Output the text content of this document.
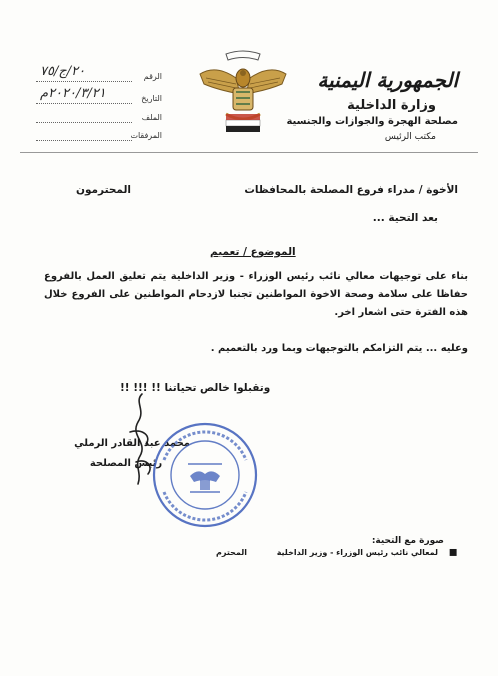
الجمهورية اليمنية
وزارة الداخلية
مصلحة الهجرة والجوازات والجنسية
مكتب الرئيس
الرقم
٢٠/ج/٧٥
التاريخ
٢٠٢٠/٣/٢١م
الملف
المرفقات
الأخوة / مدراء فروع المصلحة بالمحافظات
المحترمون
بعد التحية ...
الموضوع / تعميم
بناء على توجيهات معالي نائب رئيس الوزراء - وزير الداخلية يتم تعليق العمل بالفروع حفاظا على سلامة وصحة الاخوة المواطنين تجنبا لازدحام المواطنين على الفروع خلال هذه الفترة حتى اشعار اخر.
وعليه ... يتم التزامكم بالتوجيهات وبما ورد بالتعميم .
وتقبلوا خالص تحياتنا !! !!! !!
محمد عبد القادر الرملي
رئيس المصلحة
صورة مع التحية:
▪
لمعالي نائب رئيس الوزراء - وزير الداخلية
المحترم
